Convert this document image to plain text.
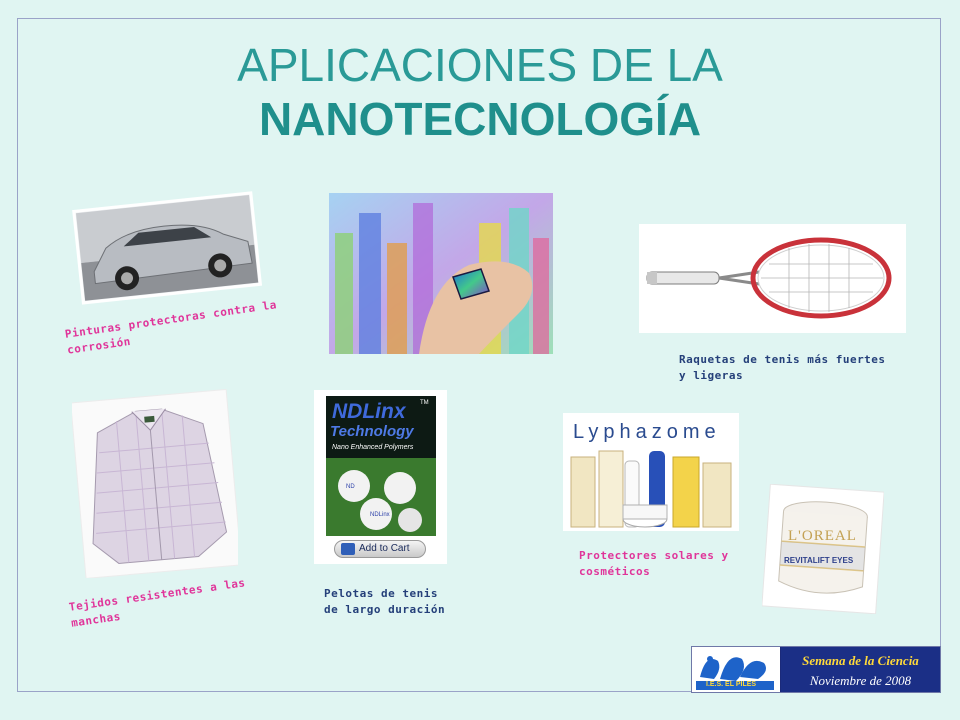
APLICACIONES DE LA
NANOTECNOLOGÍA
Pinturas protectoras contra la corrosión
Raquetas de tenis más fuertes y ligeras
Tejidos resistentes a las manchas
NDLinx TM
Technology
Nano Enhanced Polymers
ND
NDLinx
Add to Cart
Pelotas de tenis de largo duración
Lyphazome
Protectores solares y cosméticos
L'OREAL
REVITALIFT EYES
I.E.S. EL PILES
Semana de la Ciencia
Noviembre de 2008
